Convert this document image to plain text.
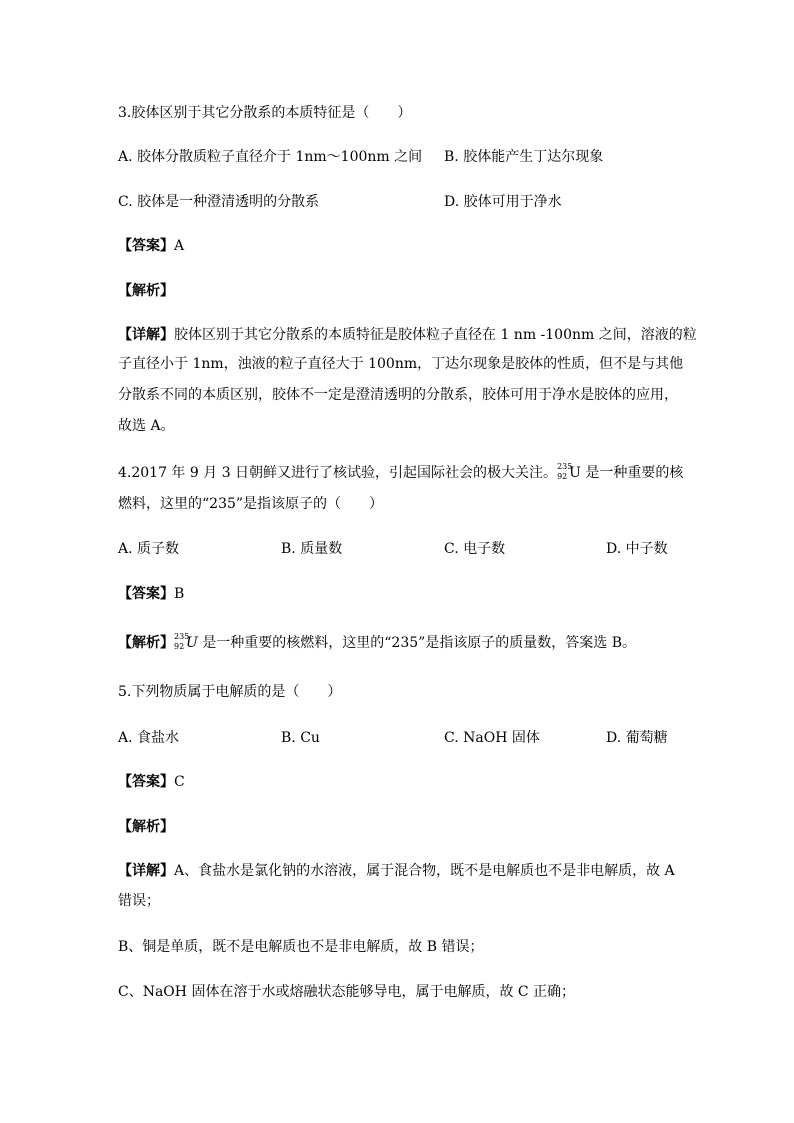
3.胶体区别于其它分散系的本质特征是（　　）
A. 胶体分散质粒子直径介于 1nm～100nm 之间 B. 胶体能产生丁达尔现象
C. 胶体是一种澄清透明的分散系	D. 胶体可用于净水
【答案】A
【解析】
【详解】胶体区别于其它分散系的本质特征是胶体粒子直径在 1 nm -100nm 之间，溶液的粒
子直径小于 1nm，浊液的粒子直径大于 100nm，丁达尔现象是胶体的性质，但不是与其他
分散系不同的本质区别，胶体不一定是澄清透明的分散系，胶体可用于净水是胶体的应用，
故选 A。
4.2017 年 9 月 3 日朝鲜又进行了核试验，引起国际社会的极大关注。 235
92 U 是一种重要的核
燃料，这里的“235”是指该原子的（　　）
A. 质子数	B. 质量数	C. 电子数	D. 中子数
【答案】B
【解析】 235
92 U 是一种重要的核燃料，这里的“235”是指该原子的质量数，答案选 B。
5.下列物质属于电解质的是（　　）
A. 食盐水	B. Cu	C. NaOH 固体	D. 葡萄糖
【答案】C
【解析】
【详解】A、食盐水是氯化钠的水溶液，属于混合物，既不是电解质也不是非电解质，故 A
错误；
B、铜是单质，既不是电解质也不是非电解质，故 B 错误；
C、NaOH 固体在溶于水或熔融状态能够导电，属于电解质，故 C 正确；
